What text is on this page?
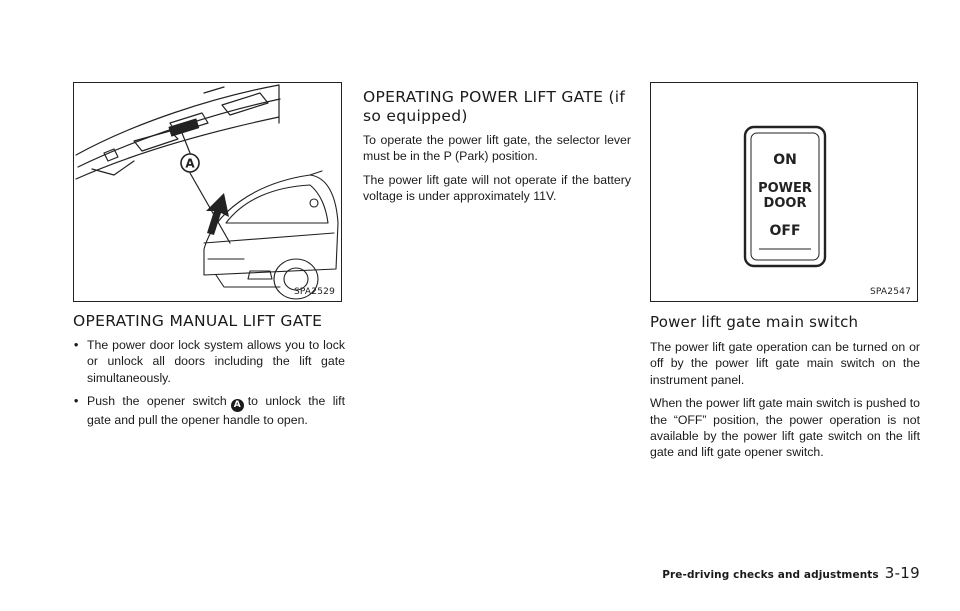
A
SPA2529
OPERATING MANUAL LIFT GATE
• The power door lock system allows you to lock or unlock all doors including the lift gate simultaneously.
• Push the opener switch A to unlock the lift gate and pull the opener handle to open.
OPERATING POWER LIFT GATE (if so equipped)

To operate the power lift gate, the selector lever must be in the P (Park) position.

The power lift gate will not operate if the battery voltage is under approximately 11V.

ON
POWER
DOOR
OFF
SPA2547
Power lift gate main switch

The power lift gate operation can be turned on or off by the power lift gate main switch on the instrument panel.

When the power lift gate main switch is pushed to the “OFF” position, the power operation is not available by the power lift gate switch on the lift gate and lift gate opener switch.

Pre-driving checks and adjustments 3-19
